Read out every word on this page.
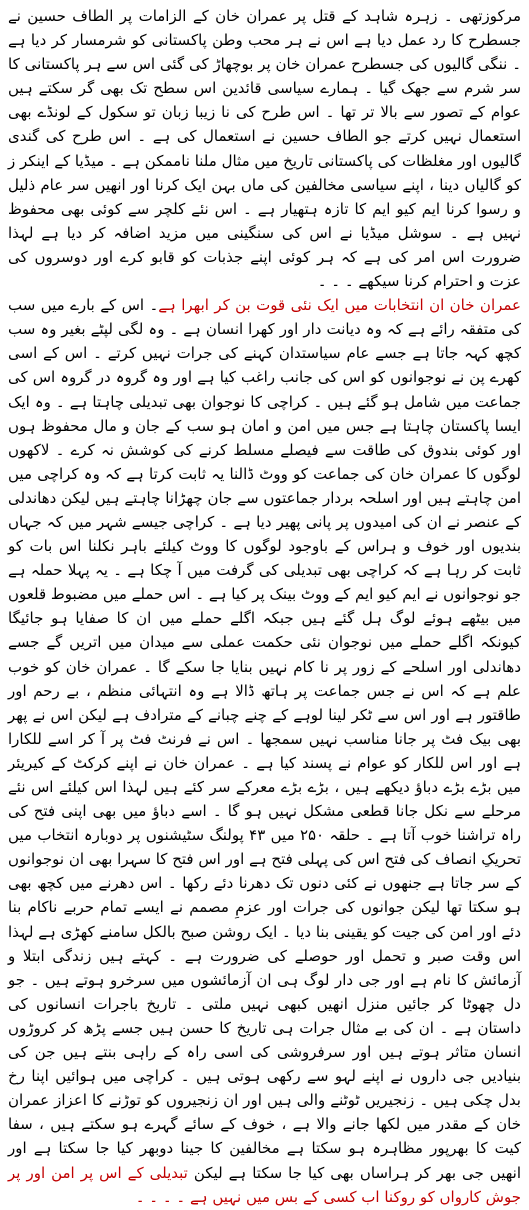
مرکوزتھی ۔ زہرہ شاہد کے قتل پر عمران خان کے الزامات پر الطاف حسین نے جسطرح کا رد عمل دیا ہے اس نے ہر محب وطن پاکستانی کو شرمسار کر دیا ہے ۔ ننگی گالیوں کی جسطرح عمران خان پر بوچھاڑ کی گئی اس سے ہر پاکستانی کا سر شرم سے جھک گیا ۔ ہمارے سیاسی قائدین اس سطح تک بھی گر سکتے ہیں عوام کے تصور سے بالا تر تھا ۔ اس طرح کی نا زیبا زبان تو سکول کے لونڈے بھی استعمال نہیں کرتے جو الطاف حسین نے استعمال کی ہے ۔ اس طرح کی گندی گالیوں اور مغلظات کی پاکستانی تاریخ میں مثال ملنا ناممکن ہے ۔ میڈیا کے اینکر ز کو گالیاں دینا ، اپنے سیاسی مخالفین کی ماں بہن ایک کرنا اور انھیں سر عام ذلیل و رسوا کرنا ایم کیو ایم کا تازہ ہتھیار ہے ۔ اس نئے کلچر سے کوئی بھی محفوظ نہیں ہے ۔ سوشل میڈیا نے اس کی سنگینی میں مزید اضافہ کر دیا ہے لہذا ضرورت اس امر کی ہے کہ ہر کوئی اپنے جذبات کو قابو کرے اور دوسروں کی عزت و احترام کرنا سیکھے ۔ ۔ ۔

عمران خان ان انتخابات میں ایک نئی قوت بن کر ابھرا ہے۔ اس کے بارے میں سب کی متفقہ رائے ہے کہ وہ دیانت دار اور کھرا انسان ہے ۔ وہ لگی لپٹے بغیر وہ سب کچھ کہہ جاتا ہے جسے عام سیاستدان کہنے کی جرات نہیں کرتے ۔ اس کے اسی کھرے پن نے نوجوانوں کو اس کی جانب راغب کیا ہے اور وہ گروہ در گروہ اس کی جماعت میں شامل ہو گئے ہیں ۔ کراچی کا نوجوان بھی تبدیلی چاہتا ہے ۔ وہ ایک ایسا پاکستان چاہتا ہے جس میں امن و امان ہو سب کے جان و مال محفوظ ہوں اور کوئی بندوق کی طاقت سے فیصلے مسلط کرنے کی کوشش نہ کرے ۔ لاکھوں لوگوں کا عمران خان کی جماعت کو ووٹ ڈالنا یہ ثابت کرتا ہے کہ وہ کراچی میں امن چاہتے ہیں اور اسلحہ بردار جماعتوں سے جان چھڑانا چاہتے ہیں لیکن دھاندلی کے عنصر نے ان کی امیدوں پر پانی پھیر دیا ہے ۔ کراچی جیسے شہر میں کہ جہاں بندیوں اور خوف و ہراس کے باوجود لوگوں کا ووٹ کیلئے باہر نکلنا اس بات کو ثابت کر رہا ہے کہ کراچی بھی تبدیلی کی گرفت میں آ چکا ہے ۔ یہ پہلا حملہ ہے جو نوجوانوں نے ایم کیو ایم کے ووٹ بینک پر کیا ہے ۔ اس حملے میں مضبوط قلعوں میں بیٹھے ہوئے لوگ ہل گئے ہیں جبکہ اگلے حملے میں ان کا صفایا ہو جائیگا کیونکہ اگلے حملے میں نوجوان نئی حکمت عملی سے میدان میں اتریں گے جسے دھاندلی اور اسلحے کے زور پر نا کام نہیں بنایا جا سکے گا ۔ عمران خان کو خوب علم ہے کہ اس نے جس جماعت پر ہاتھ ڈالا ہے وہ انتہائی منظم ، بے رحم اور طاقتور ہے اور اس سے ٹکر لینا لوہے کے چنے چبانے کے مترادف ہے لیکن اس نے پھر بھی بیک فٹ پر جانا مناسب نہیں سمجھا ۔ اس نے فرنٹ فٹ پر آ کر اسے للکارا ہے اور اس للکار کو عوام نے پسند کیا ہے ۔ عمران خان نے اپنے کرکٹ کے کیریئر میں بڑے بڑے دباؤ دیکھے ہیں ، بڑے بڑے معرکے سر کئے ہیں لہذا اس کیلئے اس نئے مرحلے سے نکل جانا قطعی مشکل نہیں ہو گا ۔ اسے دباؤ میں بھی اپنی فتح کی راہ تراشنا خوب آتا ہے ۔ حلقہ ۲۵۰ میں ۴۳ پولنگ سٹیشنوں پر دوبارہ انتخاب میں تحریکِ انصاف کی فتح اس کی پہلی فتح ہے اور اس فتح کا سہرا بھی ان نوجوانوں کے سر جاتا ہے جنھوں نے کئی دنوں تک دھرنا دئے رکھا ۔ اس دھرنے میں کچھ بھی ہو سکتا تھا لیکن جوانوں کی جرات اور عزمِ مصمم نے ایسے تمام حربے ناکام بنا دئے اور امن کی جیت کو یقینی بنا دیا ۔ ایک روشن صبح بالکل سامنے کھڑی ہے لہذا اس وقت صبر و تحمل اور حوصلے کی ضرورت ہے ۔ کہتے ہیں زندگی ابتلا و آزمائش کا نام ہے اور جی دار لوگ ہی ان آزمائشوں میں سرخرو ہوتے ہیں ۔ جو دل چھوٹا کر جائیں منزل انھیں کبھی نہیں ملتی ۔ تاریخ باجرات انسانوں کی داستان ہے ۔ ان کی بے مثال جرات ہی تاریخ کا حسن ہیں جسے پڑھ کر کروڑوں انسان متاثر ہوتے ہیں اور سرفروشی کی اسی راہ کے راہی بنتے ہیں جن کی بنیادیں جی داروں نے اپنے لہو سے رکھی ہوتی ہیں ۔ کراچی میں ہوائیں اپنا رخ بدل چکی ہیں ۔ زنجیریں ٹوٹنے والی ہیں اور ان زنجیروں کو توڑنے کا اعزاز عمران خان کے مقدر میں لکھا جانے والا ہے ، خوف کے سائے گہرے ہو سکتے ہیں ، سفا کیت کا بھرپور مظاہرہ ہو سکتا ہے مخالفین کا جینا دوبھر کیا جا سکتا ہے اور انھیں جی بھر کر ہراساں بھی کیا جا سکتا ہے لیکن تبدیلی کے اس پر امن اور پر جوش کارواں کو روکنا اب کسی کے بس میں نہیں ہے ۔ ۔ ۔ ۔
